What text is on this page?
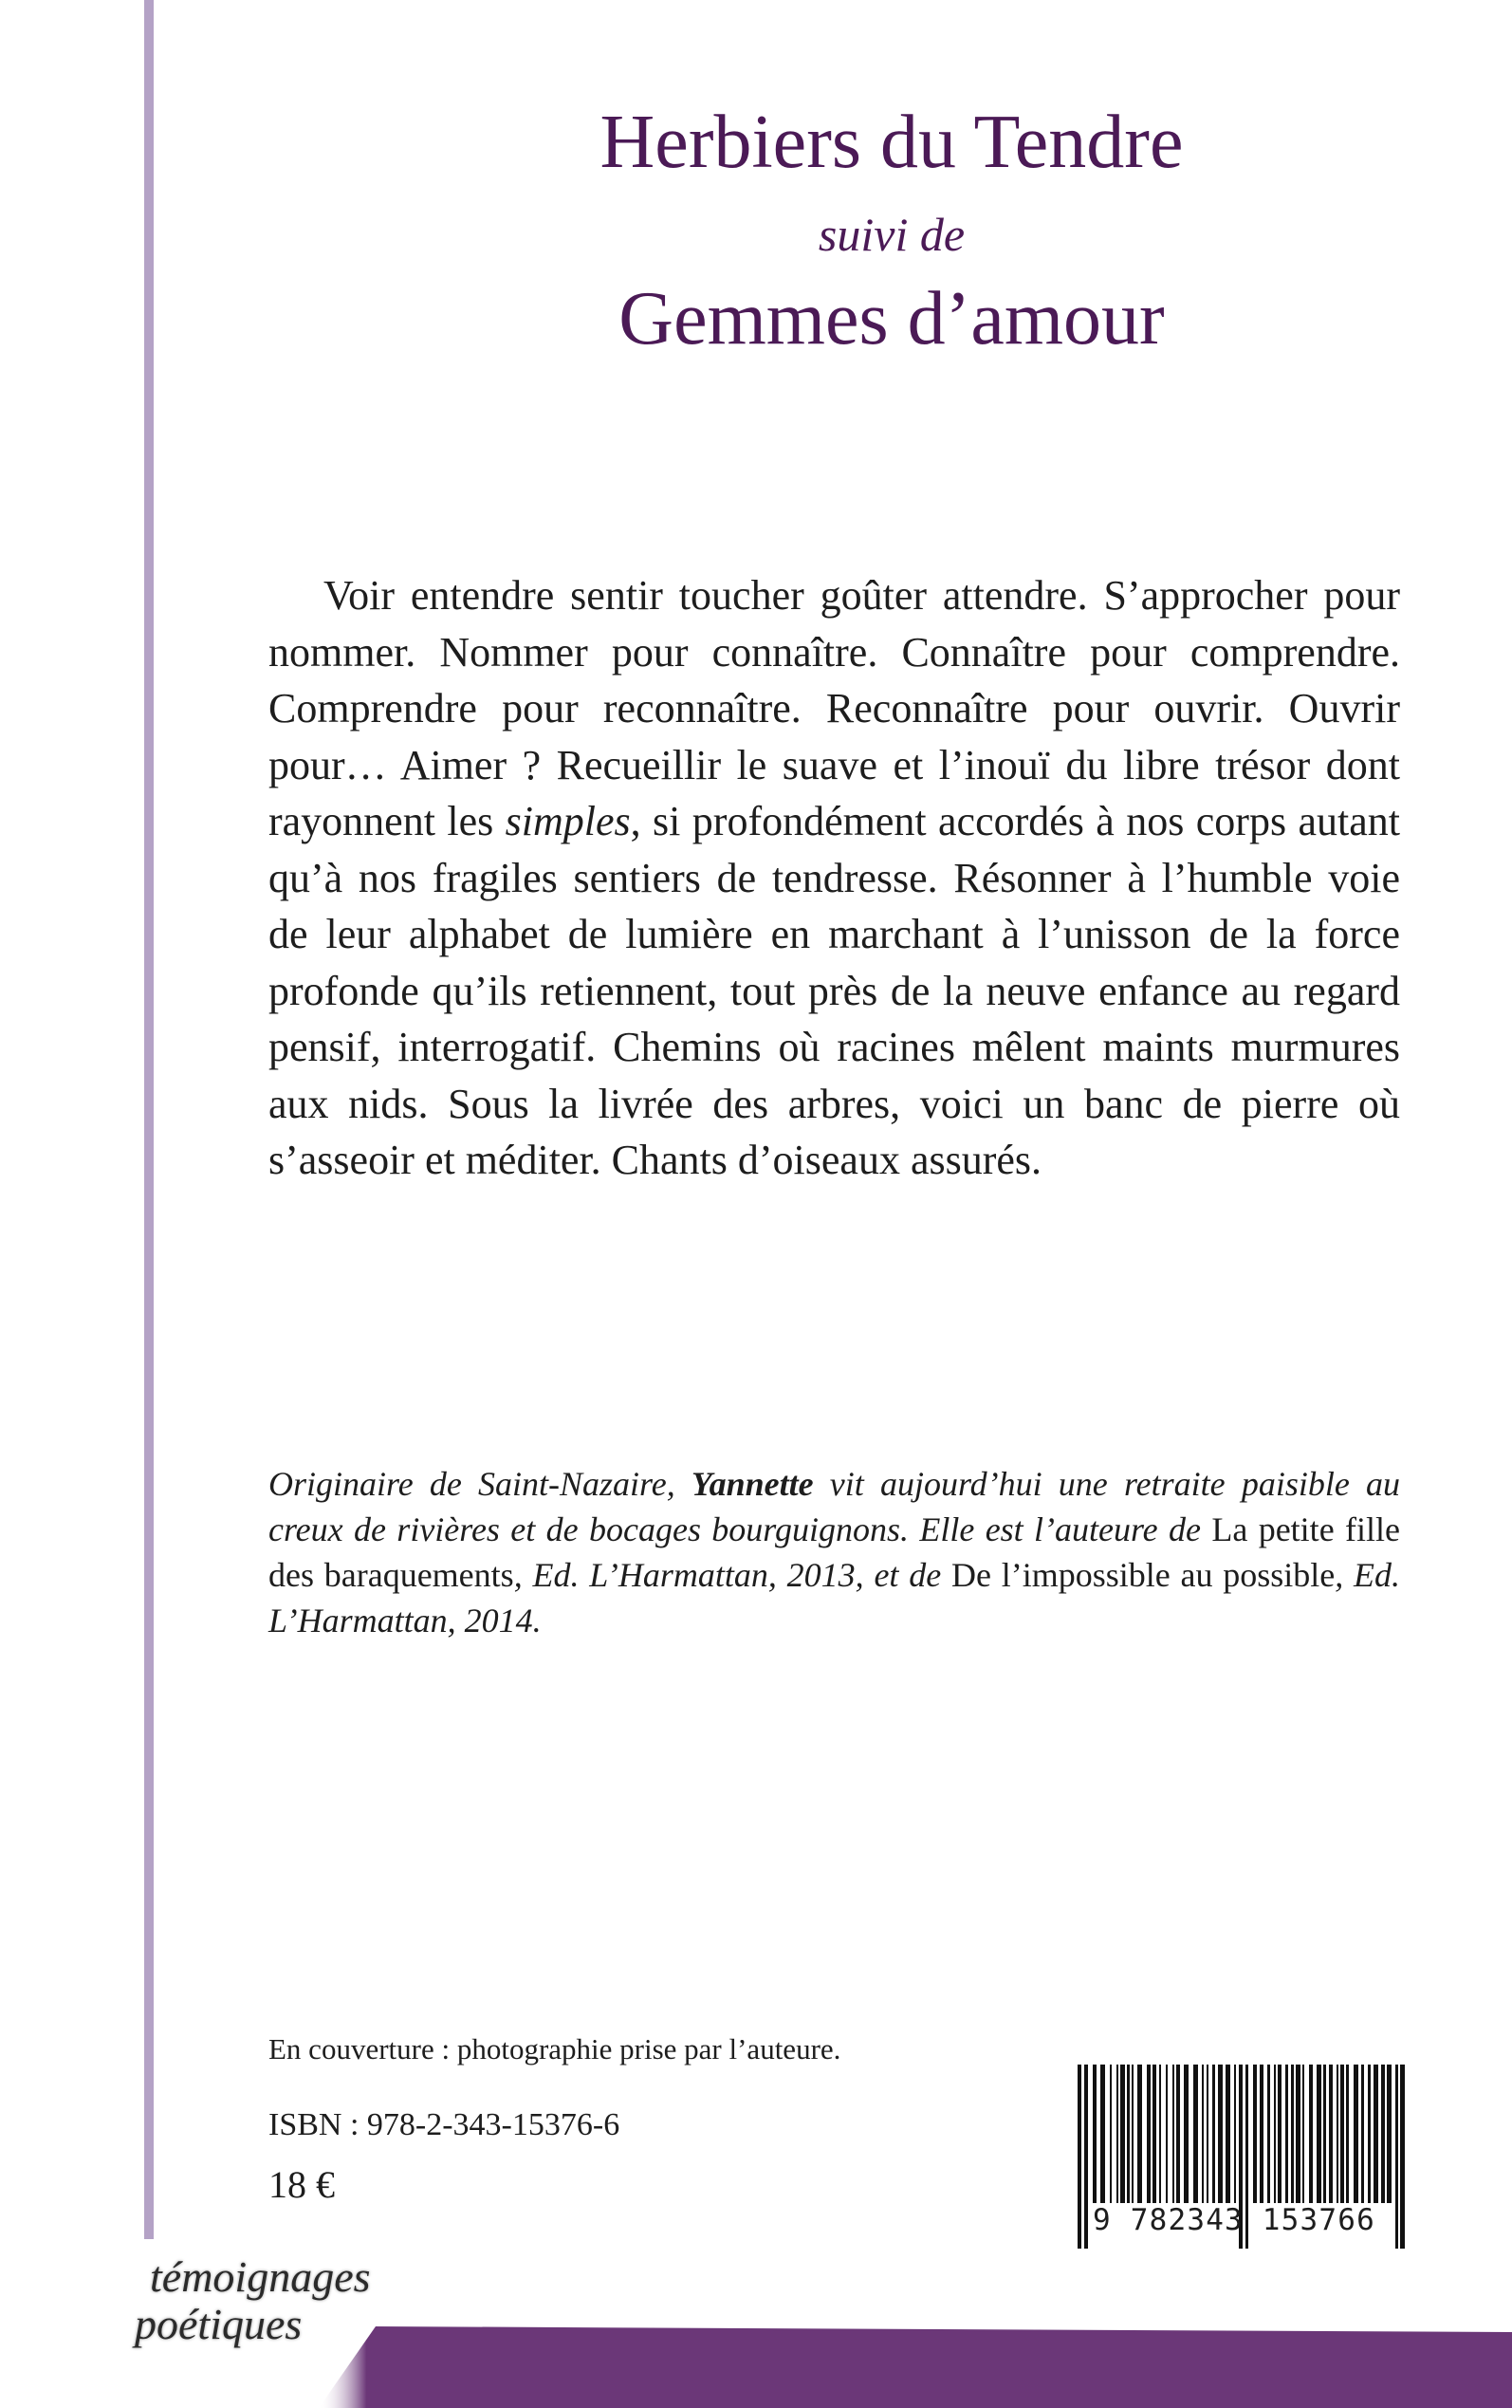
Herbiers du Tendre
suivi de
Gemmes d’amour
Voir entendre sentir toucher goûter attendre. S’approcher pour nommer. Nommer pour connaître. Connaître pour comprendre. Comprendre pour reconnaître. Reconnaître pour ouvrir. Ouvrir pour… Aimer ? Recueillir le suave et l’inouï du libre trésor dont rayonnent les simples, si profondément accordés à nos corps autant qu’à nos fragiles sentiers de tendresse. Résonner à l’humble voie de leur alphabet de lumière en marchant à l’unisson de la force profonde qu’ils retiennent, tout près de la neuve enfance au regard pensif, interrogatif. Chemins où racines mêlent maints murmures aux nids. Sous la livrée des arbres, voici un banc de pierre où s’asseoir et méditer. Chants d’oiseaux assurés.
Originaire de Saint-Nazaire, Yannette vit aujourd’hui une retraite paisible au creux de rivières et de bocages bourguignons. Elle est l’auteure de La petite fille des baraquements, Ed. L’Harmattan, 2013, et de De l’impossible au possible, Ed. L’Harmattan, 2014.
En couverture : photographie prise par l’auteure.
ISBN : 978-2-343-15376-6
18 €
9 782343 153766
témoignages
poétiques
